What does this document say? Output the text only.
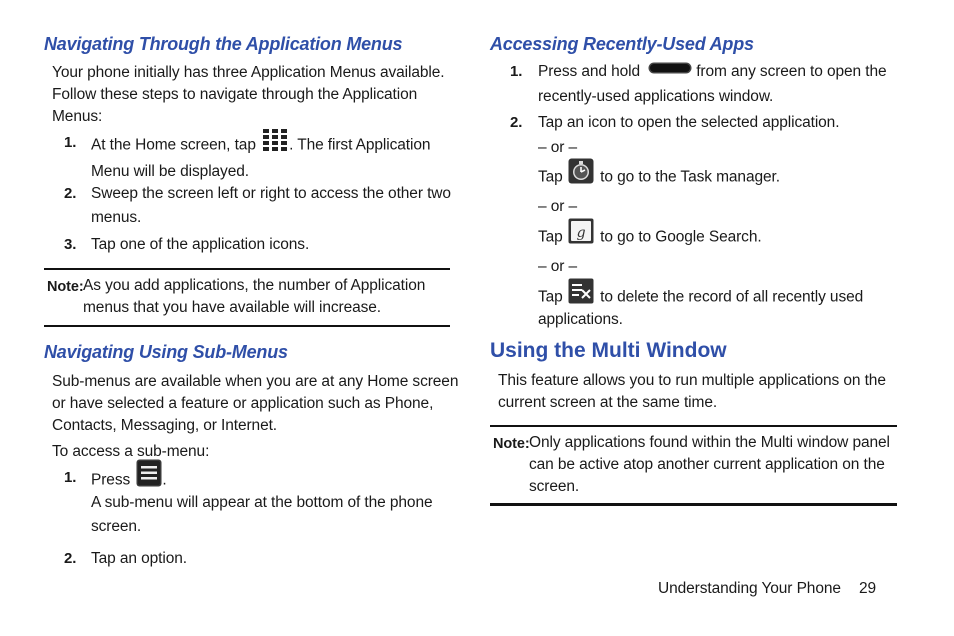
Navigating Through the Application Menus
Your phone initially has three Application Menus available.
Follow these steps to navigate through the Application
Menus:
1. At the Home screen, tap . The first Application
Menu will be displayed.
2. Sweep the screen left or right to access the other two
menus.
3. Tap one of the application icons.
Note: As you add applications, the number of Application
menus that you have available will increase.
Navigating Using Sub-Menus
Sub-menus are available when you are at any Home screen
or have selected a feature or application such as Phone,
Contacts, Messaging, or Internet.
To access a sub-menu:
1. Press .
A sub-menu will appear at the bottom of the phone
screen.
2. Tap an option.
Accessing Recently-Used Apps
1. Press and hold	from any screen to open the
recently-used applications window.
2. Tap an icon to open the selected application.
– or –
Tap to go to the Task manager.
– or –
Tap g to go to Google Search.
– or –
Tap to delete the record of all recently used
applications.
Using the Multi Window
This feature allows you to run multiple applications on the
current screen at the same time.
Note: Only applications found within the Multi window panel
can be active atop another current application on the
screen.
Understanding Your Phone 29
